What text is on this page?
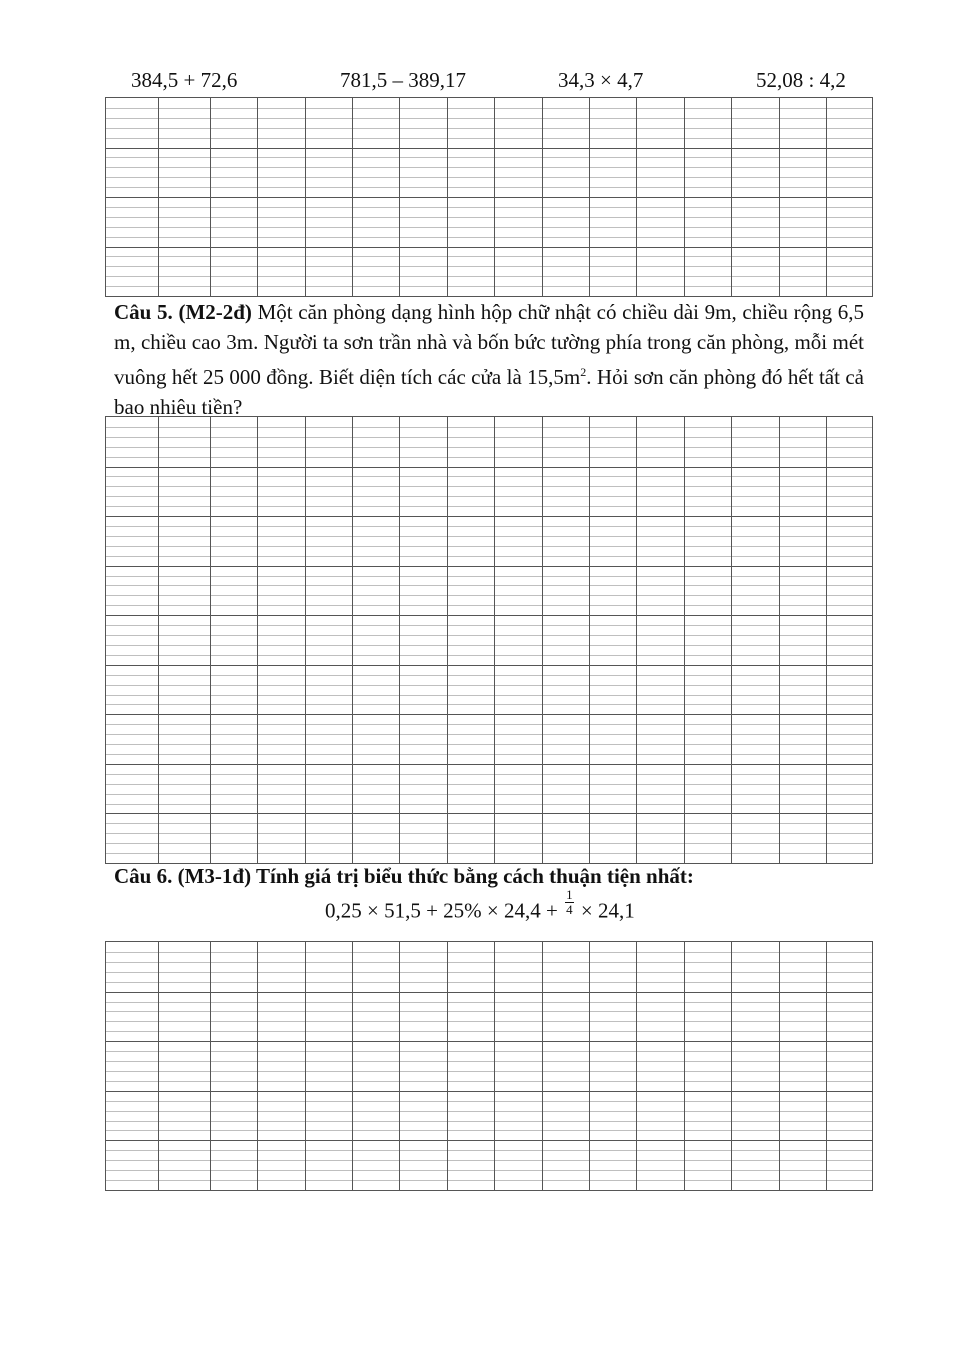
384,5 + 72,6	781,5 – 389,17	34,3 × 4,7	52,08 : 4,2
Câu 5. (M2-2đ) Một căn phòng dạng hình hộp chữ nhật có chiều dài 9m, chiều rộng 6,5 m, chiều cao 3m. Người ta sơn trần nhà và bốn bức tường phía trong căn phòng, mỗi mét vuông hết 25 000 đồng. Biết diện tích các cửa là $15,5m^2$. Hỏi sơn căn phòng đó hết tất cả bao nhiêu tiền?
Câu 6. (M3-1đ) Tính giá trị biểu thức bằng cách thuận tiện nhất:
$0,25 \times 51,5 + 25\% \times 24,4 + \frac{1}{4} \times 24,1$
